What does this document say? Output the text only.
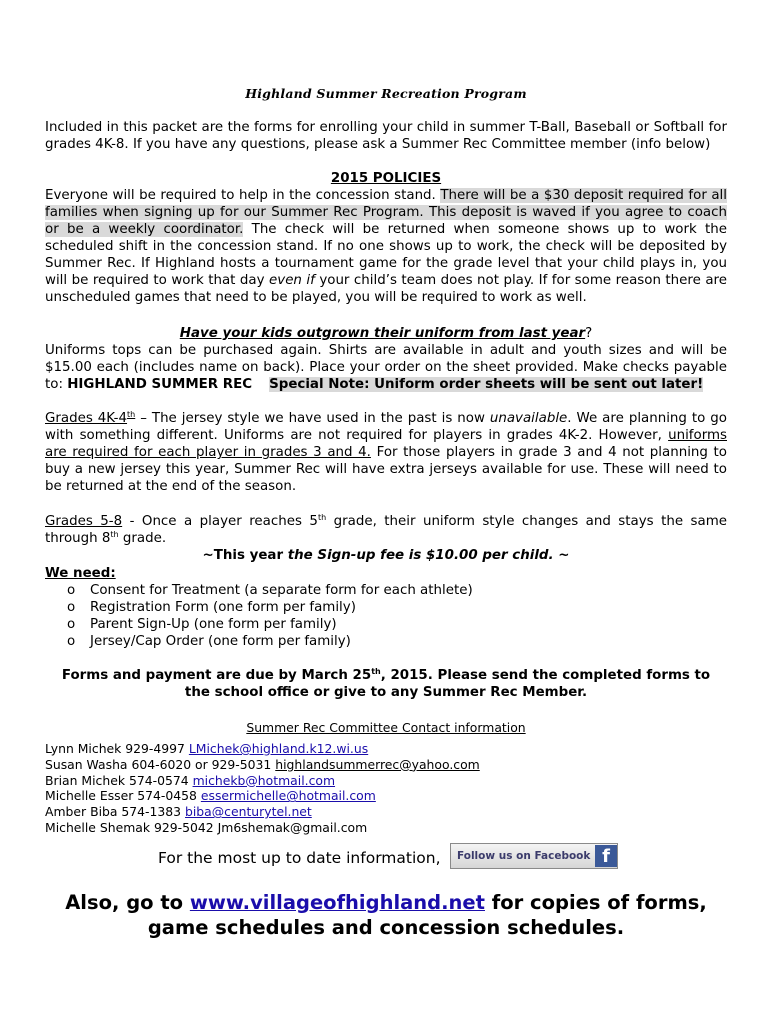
Highland Summer Recreation Program
Included in this packet are the forms for enrolling your child in summer T-Ball, Baseball or Softball for grades 4K-8. If you have any questions, please ask a Summer Rec Committee member (info below)
2015 POLICIES
Everyone will be required to help in the concession stand. There will be a $30 deposit required for all families when signing up for our Summer Rec Program. This deposit is waved if you agree to coach or be a weekly coordinator. The check will be returned when someone shows up to work the scheduled shift in the concession stand. If no one shows up to work, the check will be deposited by Summer Rec. If Highland hosts a tournament game for the grade level that your child plays in, you will be required to work that day even if your child’s team does not play. If for some reason there are unscheduled games that need to be played, you will be required to work as well.
Have your kids outgrown their uniform from last year?
Uniforms tops can be purchased again. Shirts are available in adult and youth sizes and will be $15.00 each (includes name on back). Place your order on the sheet provided. Make checks payable to: HIGHLAND SUMMER REC Special Note: Uniform order sheets will be sent out later!
Grades 4K-4th – The jersey style we have used in the past is now unavailable. We are planning to go with something different. Uniforms are not required for players in grades 4K-2. However, uniforms are required for each player in grades 3 and 4. For those players in grade 3 and 4 not planning to buy a new jersey this year, Summer Rec will have extra jerseys available for use. These will need to be returned at the end of the season.
Grades 5-8 - Once a player reaches 5th grade, their uniform style changes and stays the same through 8th grade.
~This year the Sign-up fee is $10.00 per child. ~
We need:
o Consent for Treatment (a separate form for each athlete)
o Registration Form (one form per family)
o Parent Sign-Up (one form per family)
o Jersey/Cap Order (one form per family)
Forms and payment are due by March 25th, 2015. Please send the completed forms to the school office or give to any Summer Rec Member.
Summer Rec Committee Contact information
Lynn Michek 929-4997 LMichek@highland.k12.wi.us
Susan Washa 604-6020 or 929-5031 highlandsummerrec@yahoo.com
Brian Michek 574-0574 michekb@hotmail.com
Michelle Esser 574-0458 essermichelle@hotmail.com
Amber Biba 574-1383 biba@centurytel.net
Michelle Shemak 929-5042 Jm6shemak@gmail.com
For the most up to date information,	Follow us on Facebook f
Also, go to www.villageofhighland.net for copies of forms, game schedules and concession schedules.
